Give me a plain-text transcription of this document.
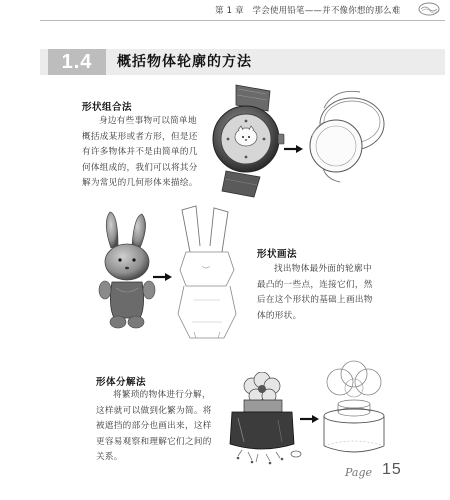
第 1 章　学会使用铅笔——并不像你想的那么难
1.4	概括物体轮廓的方法
形状组合法
身边有些事物可以简单地
概括成某形或者方形，但是还
有许多物体并不是由简单的几
何体组成的，我们可以将其分
解为常见的几何形体来描绘。
形状画法
找出物体最外面的轮廓中
最凸的一些点，连接它们，然
后在这个形状的基础上画出物
体的形状。
形体分解法
将繁琐的物体进行分解，
这样就可以做到化繁为简。将
被遮挡的部分也画出来，这样
更容易观察和理解它们之间的
关系。
Page 15
